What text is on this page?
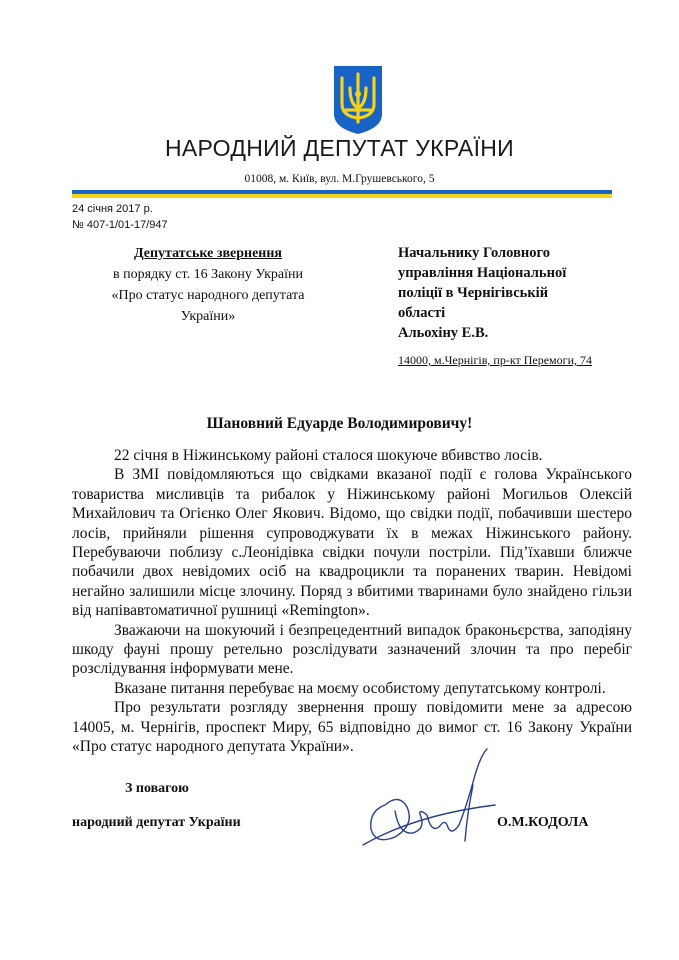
НАРОДНИЙ ДЕПУТАТ УКРАЇНИ
01008, м. Київ, вул. М.Грушевського, 5
24 січня 2017 р.
№ 407-1/01-17/947
Депутатське звернення
в порядку ст. 16 Закону України
«Про статус народного депутата
України»
Начальнику Головного
управління Національної
поліції в Чернігівській
області
Альохіну Е.В.
14000, м.Чернігів, пр-кт Перемоги, 74
Шановний Едуарде Володимировичу!

22 січня в Ніжинському районі сталося шокуюче вбивство лосів.

В ЗМІ повідомляються що свідками вказаної події є голова Українського товариства мисливців та рибалок у Ніжинському районі Могильов Олексій Михайлович та Огієнко Олег Якович. Відомо, що свідки події, побачивши шестеро лосів, прийняли рішення супроводжувати їх в межах Ніжинського району. Перебуваючи поблизу с.Леонідівка свідки почули постріли. Під’їхавши ближче побачили двох невідомих осіб на квадроцикли та поранених тварин. Невідомі негайно залишили місце злочину. Поряд з вбитими тваринами було знайдено гільзи від напівавтоматичної рушниці «Remington».

Зважаючи на шокуючий і безпрецедентний випадок браконьєрства, заподіяну шкоду фауні прошу ретельно розслідувати зазначений злочин та про перебіг розслідування інформувати мене.

Вказане питання перебуває на моєму особистому депутатському контролі.

Про результати розгляду звернення прошу повідомити мене за адресою 14005, м. Чернігів, проспект Миру, 65 відповідно до вимог ст. 16 Закону України «Про статус народного депутата України».

З повагою
народний депутат України	О.М.КОДОЛА
